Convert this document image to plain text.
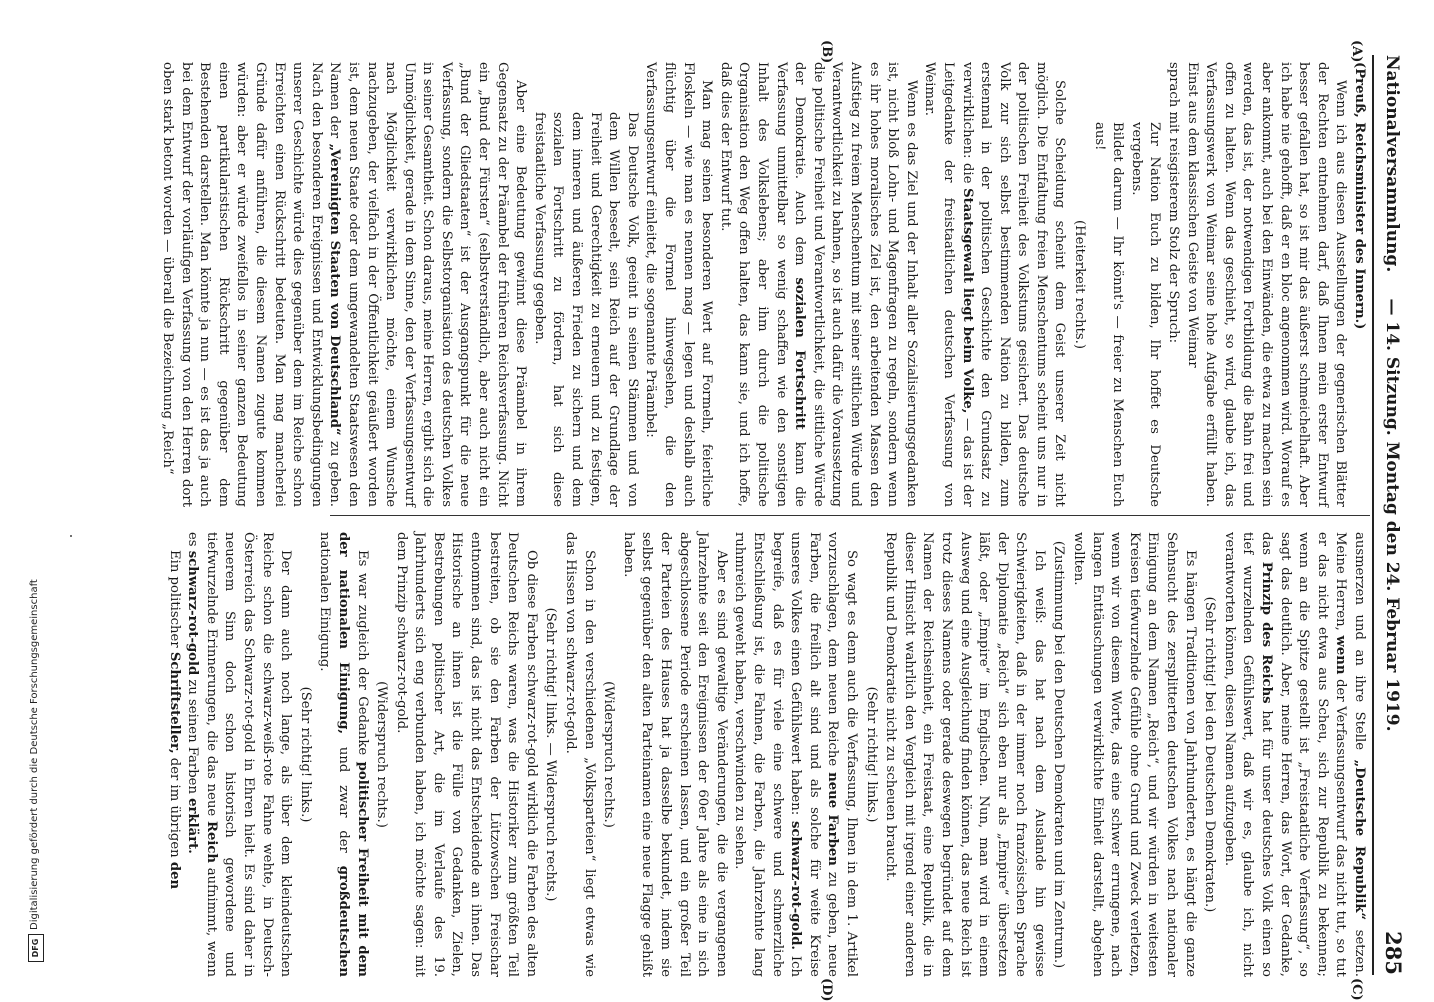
Nationalversammlung.
— 14. Sitzung. Montag den 24. Februar 1919.
285
(A)
(B)
(C)
(D)

(Preuß, Reichsminister des Innern.)

Wenn ich aus diesen Ausstellungen der gegnerischen Blätter der Rechten entnehmen darf, daß Ihnen mein erster Entwurf besser gefallen hat, so ist mir das äußerst schmeichelhaft. Aber ich habe nie gehofft, daß er en bloc angenommen wird. Worauf es aber ankommt, auch bei den Einwänden, die etwa zu machen sein werden, das ist, der notwendigen Fortbildung die Bahn frei und offen zu halten. Wenn das geschieht, so wird, glaube ich, das Verfassungswerk von Weimar seine hohe Aufgabe erfüllt haben. Einst aus dem klassischen Geiste von Weimar

sprach mit reisgisterem Stolz der Spruch:

Zur Nation Euch zu bilden, Ihr hoffet es Deutsche vergebens.

Bildet darum — Ihr könnt's — freier zu Menschen Euch aus!

(Heiterkeit rechts.)

Solche Scheidung scheint dem Geist unserer Zeit nicht möglich. Die Entfaltung freien Menschentums scheint uns nur in der politischen Freiheit des Volkstums gesichert. Das deutsche Volk zur sich selbst bestimmenden Nation zu bilden, zum erstenmal in der politischen Geschichte den Grundsatz zu verwirklichen: die Staatsgewalt liegt beim Volke, — das ist der Leitgedanke der freistaatlichen deutschen Verfassung von Weimar.

Wenn es das Ziel und der Inhalt aller Sozialisierungsgedanken ist, nicht bloß Lohn- und Magenfragen zu regeln, sondern wenn es ihr hohes moralisches Ziel ist, den arbeitenden Massen den Aufstieg zu freiem Menschentum mit seiner sittlichen Würde und Verantwortlichkeit zu bahnen, so ist auch dafür die Voraussetzung die politische Freiheit und Verantwortlichkeit, die sittliche Würde der Demokratie. Auch dem sozialen Fortschritt kann die Verfassung unmittelbar so wenig schaffen wie den sonstigen Inhalt des Volkslebens; aber ihm durch die politische Organisation den Weg offen halten, das kann sie, und ich hoffe, daß dies der Entwurf tut.

Man mag seinen besonderen Wert auf Formeln, feierliche Floskeln — wie man es nennen mag — legen und deshalb auch flüchtig über die Formel hinwegsehen, die den Verfassungsentwurf einleitet, die sogenannte Präambel:

Das Deutsche Volk, geeint in seinen Stämmen und von dem Willen beseelt, sein Reich auf der Grundlage der Freiheit und Gerechtigkeit zu erneuern und zu festigen, dem inneren und äußeren Frieden zu sichern und dem sozialen Fortschritt zu fördern, hat sich diese freistaatliche Verfassung gegeben.

Aber eine Bedeutung gewinnt diese Präambel in ihrem Gegensatz zu der Präambel der früheren Reichsverfassung. Nicht ein „Bund der Fürsten“ (selbstverständlich, aber auch nicht ein „Bund der Gliedstaaten“ ist der Ausgangspunkt für die neue Verfassung, sondern die Selbstorganisation des deutschen Volkes in seiner Gesamtheit. Schon daraus, meine Herren, ergibt sich die Unmöglichkeit, gerade in dem Sinne, den der Verfassungsentwurf nach Möglichkeit verwirklichen möchte, einem Wunsche nachzugeben, der vielfach in der Öffentlichkeit geäußert worden ist, dem neuen Staate oder dem umgewandelten Staatswesen den Namen der „Vereinigten Staaten von Deutschland“ zu geben. Nach den besonderen Ereignissen und Entwicklungsbedingungen unserer Geschichte würde dies gegenüber dem im Reiche schon Erreichten einen Rückschritt bedeuten. Man mag mancherlei Gründe dafür anführen, die diesem Namen zugute kommen würden: aber er würde zweifellos in seiner ganzen Bedeutung einen partikularistischen Rückschritt gegenüber dem Bestehenden darstellen. Man könnte ja nun — es ist das ja auch bei dem Entwurf der vorläufigen Verfassung von den Herren dort oben stark betont worden — überall die Bezeichnung „Reich“

ausmerzen und an ihre Stelle „Deutsche Republik“ setzen. Meine Herren, wenn der Verfassungsentwurf das nicht tut, so tut er das nicht etwa aus Scheu, sich zur Republik zu bekennen; wenn an die Spitze gestellt ist „Freistaatliche Verfassung“, so sagt das deutlich. Aber, meine Herren, das Wort, der Gedanke, das Prinzip des Reichs hat für unser deutsches Volk einen so tief wurzelnden Gefühlswert, daß wir es, glaube ich, nicht verantworten können, diesen Namen aufzugeben.

(Sehr richtig! bei den Deutschen Demokraten.)

Es hängen Traditionen von Jahrhunderten, es hängt die ganze Sehnsucht des zersplitterten deutschen Volkes nach nationaler Einigung an dem Namen „Reich“, und wir würden in weitesten Kreisen tiefwurzelnde Gefühle ohne Grund und Zweck verletzen, wenn wir von diesem Worte, das eine schwer errungene, nach langen Enttäuschungen verwirklichte Einheit darstellt, abgehen wollten.

(Zustimmung bei den Deutschen Demokraten und im Zentrum.)

Ich weiß: das hat nach dem Auslande hin gewisse Schwierigkeiten, daß in der immer noch französischen Sprache der Diplomatie „Reich“ sich eben nur als „Empire“ übersetzen läßt, oder „Empire“ im Englischen. Nun, man wird in einem Ausweg und eine Ausgleichung finden können, das neue Reich ist trotz dieses Namens oder gerade deswegen begründet auf dem Namen der Reichseinheit, ein Freistaat, eine Republik, die in dieser Hinsicht wahrlich den Vergleich mit irgend einer anderen Republik und Demokratie nicht zu scheuen braucht.

(Sehr richtig! links.)

So wagt es denn auch die Verfassung, Ihnen in dem 1. Artikel vorzuschlagen, dem neuen Reiche neue Farben zu geben, neue Farben, die freilich alt sind und als solche für weite Kreise unseres Volkes einen Gefühlswert haben: schwarz-rot-gold. Ich begreife, daß es für viele eine schwere und schmerzliche Entschließung ist, die Fahnen, die Farben, die Jahrzehnte lang ruhmreich geweht haben, verschwinden zu sehen.

Aber es sind gewaltige Veränderungen, die die vergangenen Jahrzehnte seit den Ereignissen der 60er Jahre als eine in sich abgeschlossene Periode erscheinen lassen, und ein großer Teil der Parteien des Hauses hat ja dasselbe bekundet, indem sie selbst gegenüber den alten Parteinamen eine neue Flagge gehißt haben.

(Widerspruch rechts.)

Schon in den verschiedenen „Volksparteien“ liegt etwas wie das Hissen von schwarz-rot-gold.

(Sehr richtig! links. — Widerspruch rechts.)

Ob diese Farben schwarz-rot-gold wirklich die Farben des alten Deutschen Reichs waren, was die Historiker zum größten Teil bestreiten, ob sie den Farben der Lützowschen Freischar entnommen sind, das ist nicht das Entscheidende an ihnen. Das Historische an ihnen ist die Fülle von Gedanken, Zielen, Bestrebungen politischer Art, die im Verlaufe des 19. Jahrhunderts sich eng verbunden haben, ich möchte sagen: mit dem Prinzip schwarz-rot-gold.

(Widerspruch rechts.)

Es war zugleich der Gedanke politischer Freiheit mit dem der nationalen Einigung, und zwar der großdeutschen nationalen Einigung.

(Sehr richtig! links.)

Der dann auch noch lange, als über dem kleindeutschen Reiche schon die schwarz-weiß-rote Fahne wehte, in Deutsch-Österreich das Schwarz-rot-gold in Ehren hielt. Es sind daher in neuerem Sinn doch schon historisch gewordene und tiefwurzelnde Erinnerungen, die das neue Reich aufnimmt, wenn es schwarz-rot-gold zu seinen Farben erklärt.

Ein politischer Schriftsteller, der im übrigen den

DFG
Digitalisierung gefördert durch die Deutsche Forschungsgemeinschaft
